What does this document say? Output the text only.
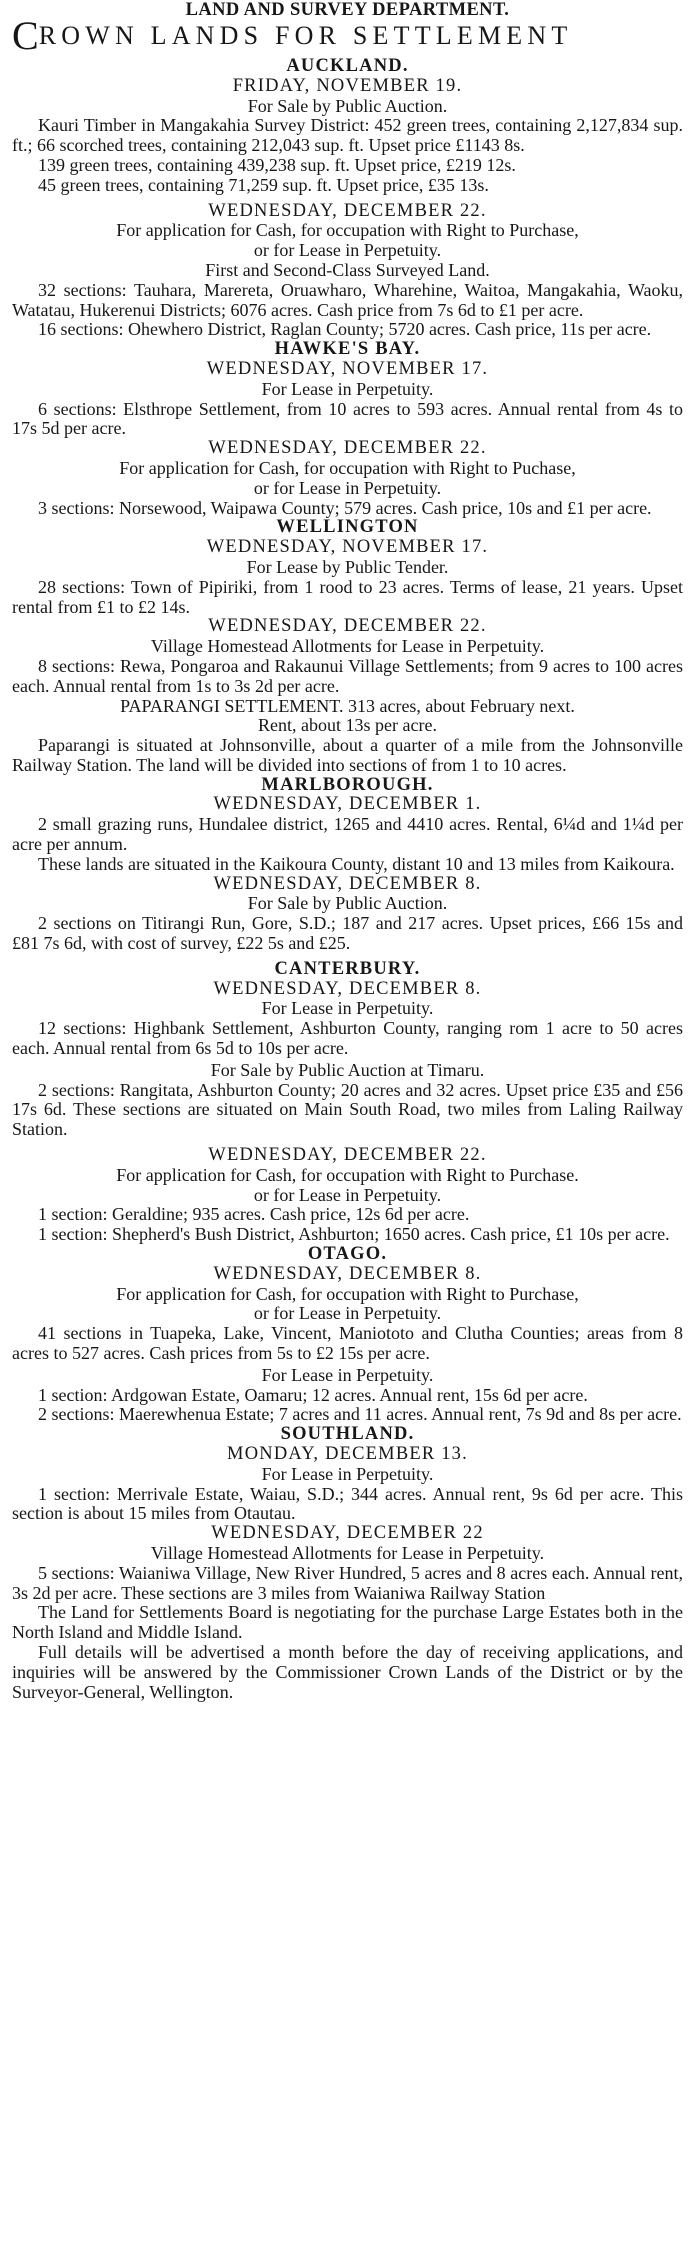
LAND AND SURVEY DEPARTMENT.
C ROWN LANDS FOR SETTLEMENT
AUCKLAND.
FRIDAY, NOVEMBER 19.
For Sale by Public Auction.
Kauri Timber in Mangakahia Survey District: 452 green trees, containing 2,127,834 sup. ft.; 66 scorched trees, containing 212,043 sup. ft. Upset price £1143 8s.
139 green trees, containing 439,238 sup. ft. Upset price, £219 12s.
45 green trees, containing 71,259 sup. ft. Upset price, £35 13s.
WEDNESDAY, DECEMBER 22.
For application for Cash, for occupation with Right to Purchase,
or for Lease in Perpetuity.
First and Second-Class Surveyed Land.
32 sections: Tauhara, Marereta, Oruawharo, Wharehine, Waitoa, Mangakahia, Waoku, Watatau, Hukerenui Districts; 6076 acres. Cash price from 7s 6d to £1 per acre.
16 sections: Ohewhero District, Raglan County; 5720 acres. Cash price, 11s per acre.
HAWKE'S BAY.
WEDNESDAY, NOVEMBER 17.
For Lease in Perpetuity.
6 sections: Elsthrope Settlement, from 10 acres to 593 acres. Annual rental from 4s to 17s 5d per acre.
WEDNESDAY, DECEMBER 22.
For application for Cash, for occupation with Right to Puchase,
or for Lease in Perpetuity.
3 sections: Norsewood, Waipawa County; 579 acres. Cash price, 10s and £1 per acre.
WELLINGTON
WEDNESDAY, NOVEMBER 17.
For Lease by Public Tender.
28 sections: Town of Pipiriki, from 1 rood to 23 acres. Terms of lease, 21 years. Upset rental from £1 to £2 14s.
WEDNESDAY, DECEMBER 22.
Village Homestead Allotments for Lease in Perpetuity.
8 sections: Rewa, Pongaroa and Rakaunui Village Settlements; from 9 acres to 100 acres each. Annual rental from 1s to 3s 2d per acre.
PAPARANGI SETTLEMENT. 313 acres, about February next.
Rent, about 13s per acre.
Paparangi is situated at Johnsonville, about a quarter of a mile from the Johnsonville Railway Station. The land will be divided into sections of from 1 to 10 acres.
MARLBOROUGH.
WEDNESDAY, DECEMBER 1.
2 small grazing runs, Hundalee district, 1265 and 4410 acres. Rental, 6¼d and 1¼d per acre per annum.
These lands are situated in the Kaikoura County, distant 10 and 13 miles from Kaikoura.
WEDNESDAY, DECEMBER 8.
For Sale by Public Auction.
2 sections on Titirangi Run, Gore, S.D.; 187 and 217 acres. Upset prices, £66 15s and £81 7s 6d, with cost of survey, £22 5s and £25.
CANTERBURY.
WEDNESDAY, DECEMBER 8.
For Lease in Perpetuity.
12 sections: Highbank Settlement, Ashburton County, ranging rom 1 acre to 50 acres each. Annual rental from 6s 5d to 10s per acre.
For Sale by Public Auction at Timaru.
2 sections: Rangitata, Ashburton County; 20 acres and 32 acres. Upset price £35 and £56 17s 6d. These sections are situated on Main South Road, two miles from Laling Railway Station.
WEDNESDAY, DECEMBER 22.
For application for Cash, for occupation with Right to Purchase.
or for Lease in Perpetuity.
1 section: Geraldine; 935 acres. Cash price, 12s 6d per acre.
1 section: Shepherd's Bush District, Ashburton; 1650 acres. Cash price, £1 10s per acre.
OTAGO.
WEDNESDAY, DECEMBER 8.
For application for Cash, for occupation with Right to Purchase,
or for Lease in Perpetuity.
41 sections in Tuapeka, Lake, Vincent, Maniototo and Clutha Counties; areas from 8 acres to 527 acres. Cash prices from 5s to £2 15s per acre.
For Lease in Perpetuity.
1 section: Ardgowan Estate, Oamaru; 12 acres. Annual rent, 15s 6d per acre.
2 sections: Maerewhenua Estate; 7 acres and 11 acres. Annual rent, 7s 9d and 8s per acre.
SOUTHLAND.
MONDAY, DECEMBER 13.
For Lease in Perpetuity.
1 section: Merrivale Estate, Waiau, S.D.; 344 acres. Annual rent, 9s 6d per acre. This section is about 15 miles from Otautau.
WEDNESDAY, DECEMBER 22
Village Homestead Allotments for Lease in Perpetuity.
5 sections: Waianiwa Village, New River Hundred, 5 acres and 8 acres each. Annual rent, 3s 2d per acre. These sections are 3 miles from Waianiwa Railway Station
The Land for Settlements Board is negotiating for the purchase Large Estates both in the North Island and Middle Island.
Full details will be advertised a month before the day of receiving applications, and inquiries will be answered by the Commissioner Crown Lands of the District or by the Surveyor-General, Wellington.
